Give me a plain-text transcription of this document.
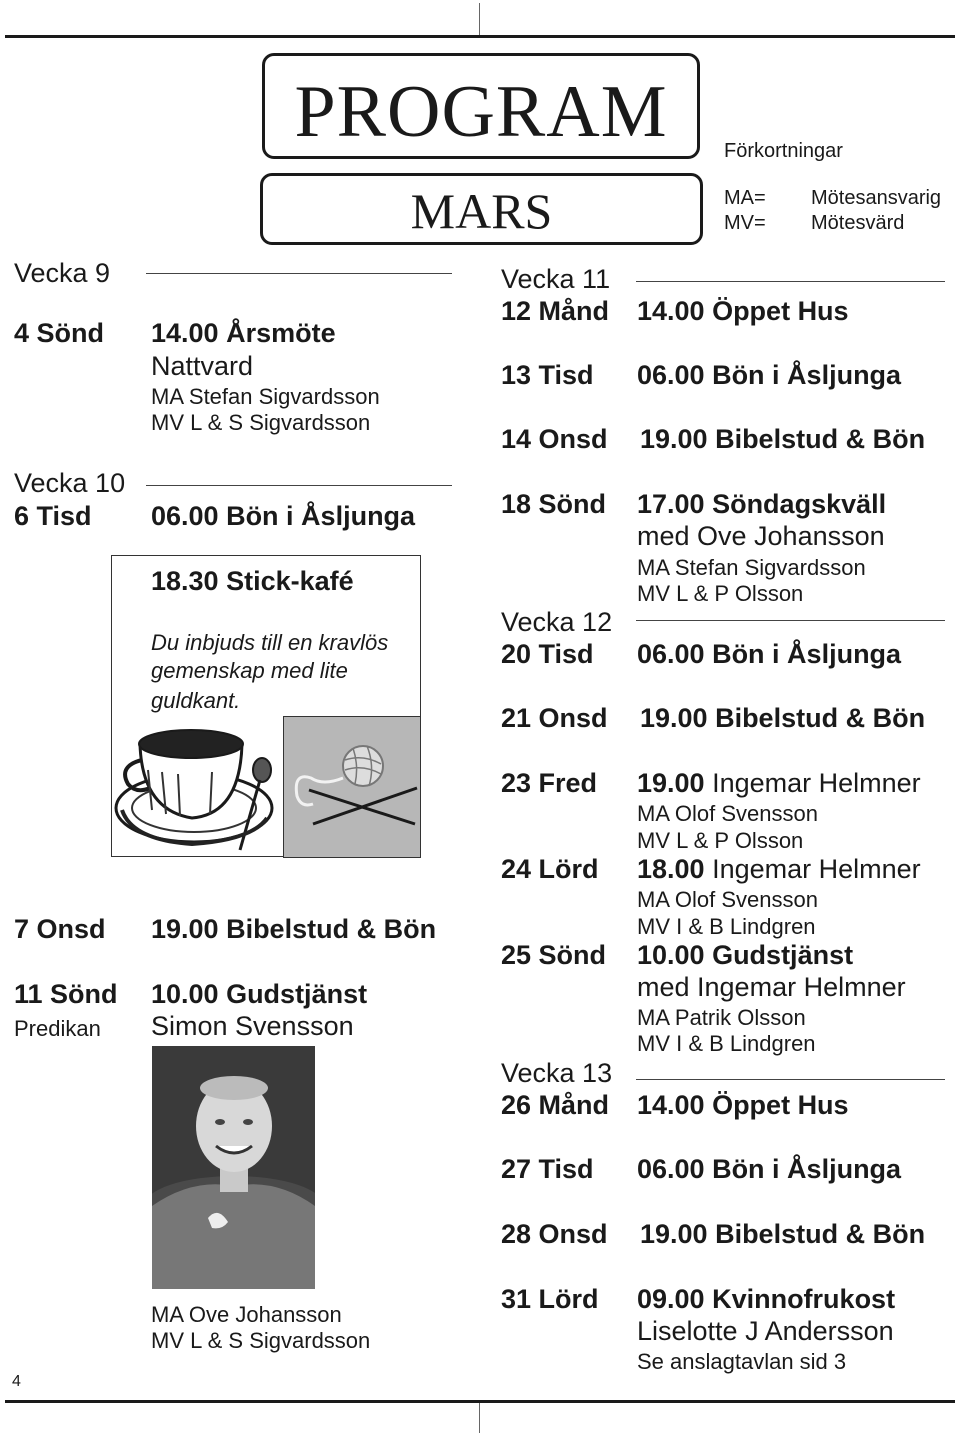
PROGRAM
MARS
Förkortningar
MA= Mötesansvarig
MV= Mötesvärd
Vecka 9
4 Sönd 14.00 Årsmöte
Nattvard
MA Stefan Sigvardsson
MV L & S Sigvardsson
Vecka 10
6 Tisd 06.00 Bön i Åsljunga
18.30 Stick-kafé
Du inbjuds till en kravlös
gemenskap med lite
guldkant.
7 Onsd 19.00 Bibelstud & Bön
11 Sönd 10.00 Gudstjänst
Predikan Simon Svensson
MA Ove Johansson
MV L & S Sigvardsson
4
Vecka 11
12 Månd 14.00 Öppet Hus
13 Tisd 06.00 Bön i Åsljunga
14 Onsd 19.00 Bibelstud & Bön
18 Sönd 17.00 Söndagskväll
med Ove Johansson
MA Stefan Sigvardsson
MV L & P Olsson
Vecka 12
20 Tisd 06.00 Bön i Åsljunga
21 Onsd 19.00 Bibelstud & Bön
23 Fred 19.00 Ingemar Helmner
MA Olof Svensson
MV L & P Olsson
24 Lörd 18.00 Ingemar Helmner
MA Olof Svensson
MV I & B Lindgren
25 Sönd 10.00 Gudstjänst
med Ingemar Helmner
MA Patrik Olsson
MV I & B Lindgren
Vecka 13
26 Månd 14.00 Öppet Hus
27 Tisd 06.00 Bön i Åsljunga
28 Onsd 19.00 Bibelstud & Bön
31 Lörd 09.00 Kvinnofrukost
Liselotte J Andersson
Se anslagtavlan sid 3
